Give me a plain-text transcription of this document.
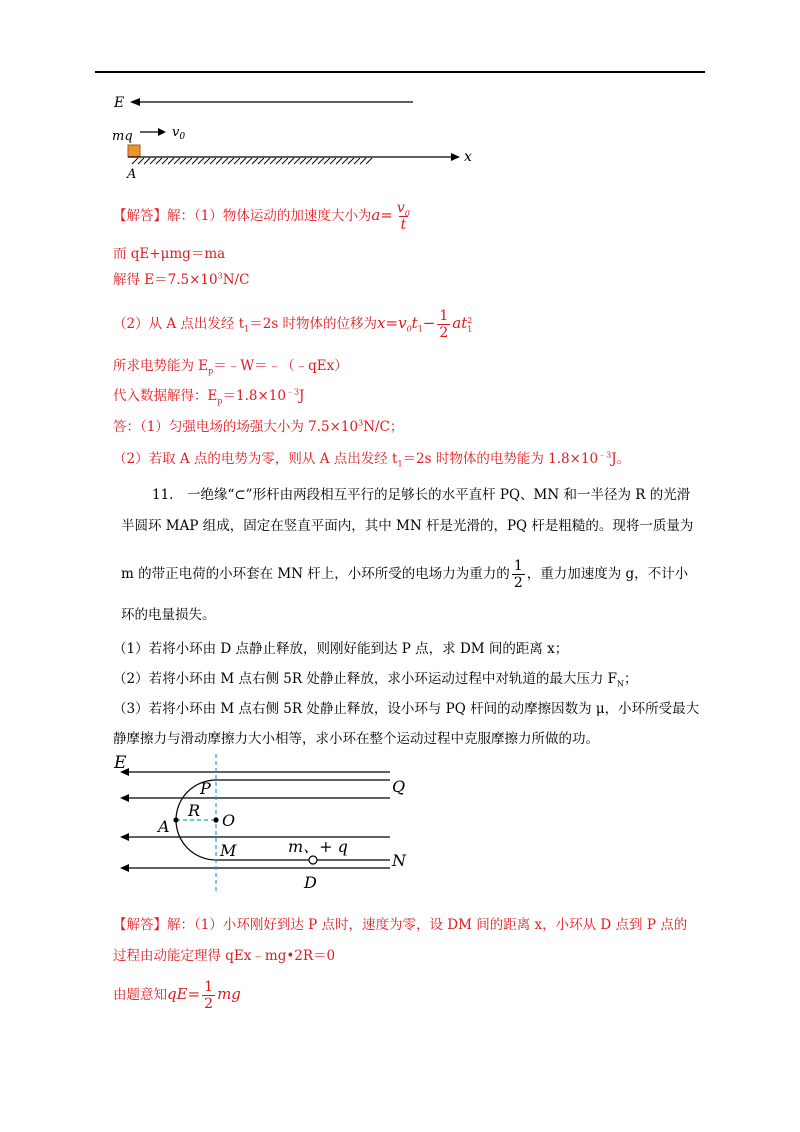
E
mq	$v_0$
A
x
【解答】解：（1）物体运动的加速度大小为$a= \frac{v_0}{t}$
而 qE+μmg＝ma
解得 $E=7.5\times 10^3N/C$
（2）从 A 点出发经 $t_1=2s$ 时物体的位移为$x=v_0t_1- \frac{1}{2}$ at 2
1
所求电势能为 $E_p=﹣W=﹣(﹣qEx)$
代入数据解得：$E_p=1.8\times 10^{﹣3}J$
答：（1）匀强电场的场强大小为 $7.5\times 10^3N/C$；
（2）若取 A 点的电势为零，则从 A 点出发经 $t_1=2s$ 时物体的电势能为 $1.8\times 10^{﹣3}J$。
11.　一绝缘“⊂”形杆由两段相互平行的足够长的水平直杆 PQ、MN 和一半径为 R 的光滑
半圆环 MAP 组成，固定在竖直平面内，其中 MN 杆是光滑的，PQ 杆是粗糙的。现将一质量为
m 的带正电荷的小环套在 MN 杆上，小环所受的电场力为重力的 $\frac{1}{2}$ ，重力加速度为 g，不计小
环的电量损失。
（1）若将小环由 D 点静止释放，则刚好能到达 P 点，求 DM 间的距离 x；
（2）若将小环由 M 点右侧 5R 处静止释放，求小环运动过程中对轨道的最大压力 $F_N$；
（3）若将小环由 M 点右侧 5R 处静止释放，设小环与 PQ 杆间的动摩擦因数为 μ，小环所受最大
静摩擦力与滑动摩擦力大小相等，求小环在整个运动过程中克服摩擦力所做的功。
E
P	Q
A
R
O
M	m、+ q
N
D
【解答】解：（1）小环刚好到达 P 点时，速度为零，设 DM 间的距离 x，小环从 D 点到 P 点的
过程由动能定理得 qEx﹣mg•2R＝0
由题意知$qE= \frac{1}{2}$ mg
